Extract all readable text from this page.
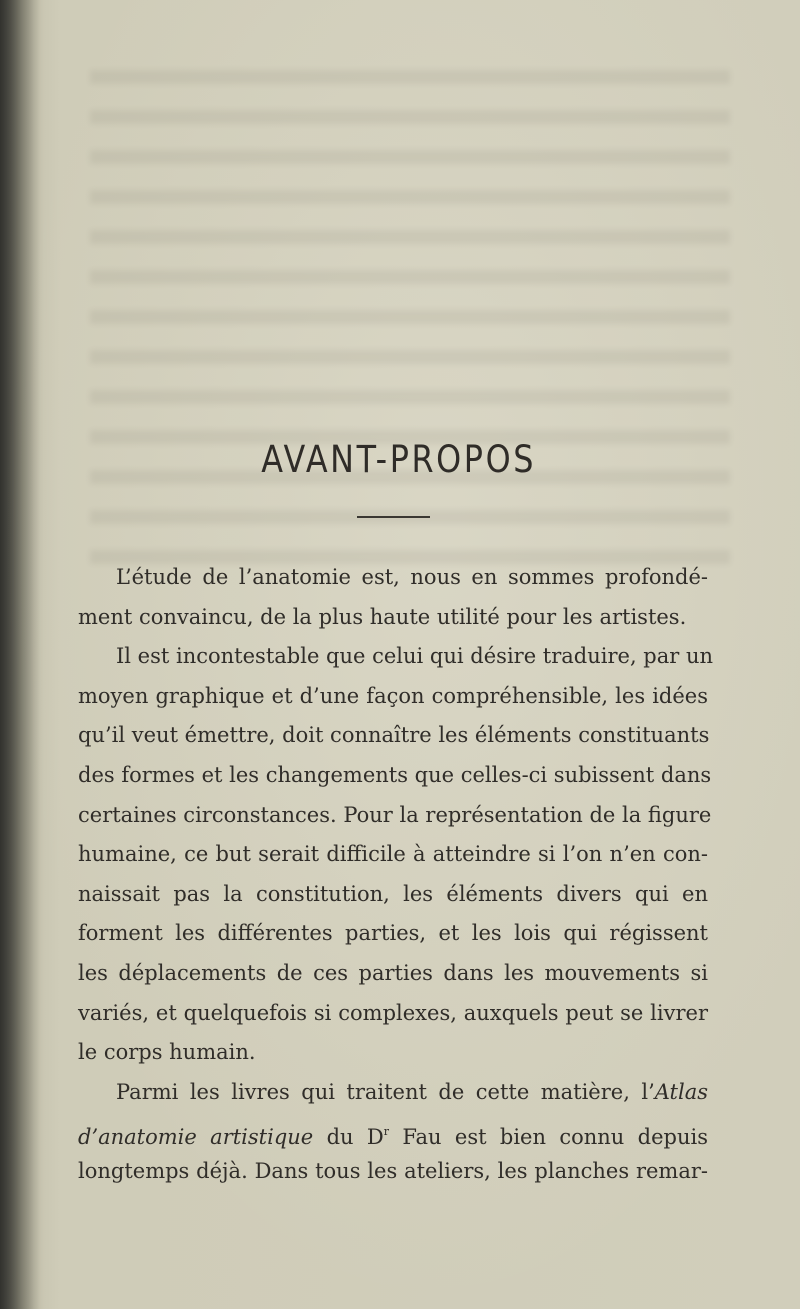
AVANT-PROPOS
L’étude de l’anatomie est, nous en sommes profondé-
ment convaincu, de la plus haute utilité pour les artistes.
Il est incontestable que celui qui désire traduire, par un
moyen graphique et d’une façon compréhensible, les idées
qu’il veut émettre, doit connaître les éléments constituants
des formes et les changements que celles-ci subissent dans
certaines circonstances. Pour la représentation de la figure
humaine, ce but serait difficile à atteindre si l’on n’en con-
naissait pas la constitution, les éléments divers qui en
forment les différentes parties, et les lois qui régissent
les déplacements de ces parties dans les mouvements si
variés, et quelquefois si complexes, auxquels peut se livrer
le corps humain.
Parmi les livres qui traitent de cette matière, l’Atlas
d’anatomie artistique du $D^r$ Fau est bien connu depuis
longtemps déjà. Dans tous les ateliers, les planches remar-
